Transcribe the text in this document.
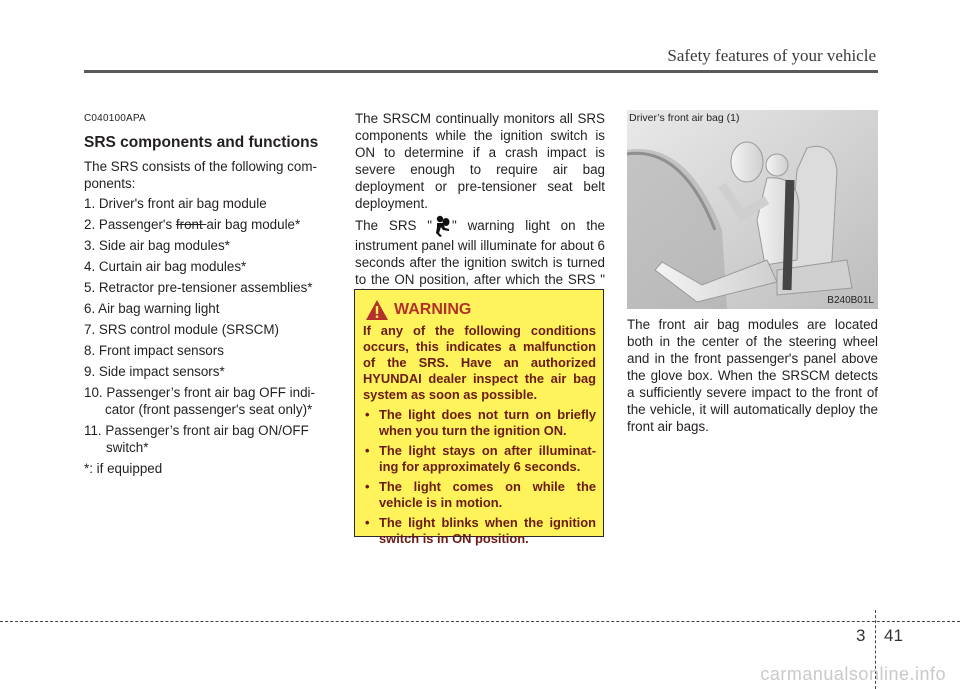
Safety features of your vehicle
C040100APA
SRS components and functions

The SRS consists of the following com-ponents:

1. Driver's front air bag module
2. Passenger's front air bag module*
3. Side air bag modules*
4. Curtain air bag modules*
5. Retractor pre-tensioner assemblies*
6. Air bag warning light
7. SRS control module (SRSCM)
8. Front impact sensors
9. Side impact sensors*
10. Passenger’s front air bag OFF indi-cator (front passenger's seat only)*
11. Passenger’s front air bag ON/OFF switch*
*: if equipped

The SRSCM continually monitors all SRS components while the ignition switch is ON to determine if a crash impact is severe enough to require air bag deployment or pre-tensioner seat belt deployment.

The SRS " " warning light on the instrument panel will illuminate for about 6 seconds after the ignition switch is turned to the ON position, after which the SRS "

WARNING
If any of the following conditions occurs, this indicates a malfunction of the SRS. Have an authorized HYUNDAI dealer inspect the air bag system as soon as possible.
• The light does not turn on briefly when you turn the ignition ON.
• The light stays on after illuminat-ing for approximately 6 seconds.
• The light comes on while the vehicle is in motion.
• The light blinks when the ignition switch is in ON position.
Driver’s front air bag (1)
B240B01L
The front air bag modules are located both in the center of the steering wheel and in the front passenger's panel above the glove box. When the SRSCM detects a sufficiently severe impact to the front of the vehicle, it will automatically deploy the front air bags.
3 41
carmanualsonline.info
